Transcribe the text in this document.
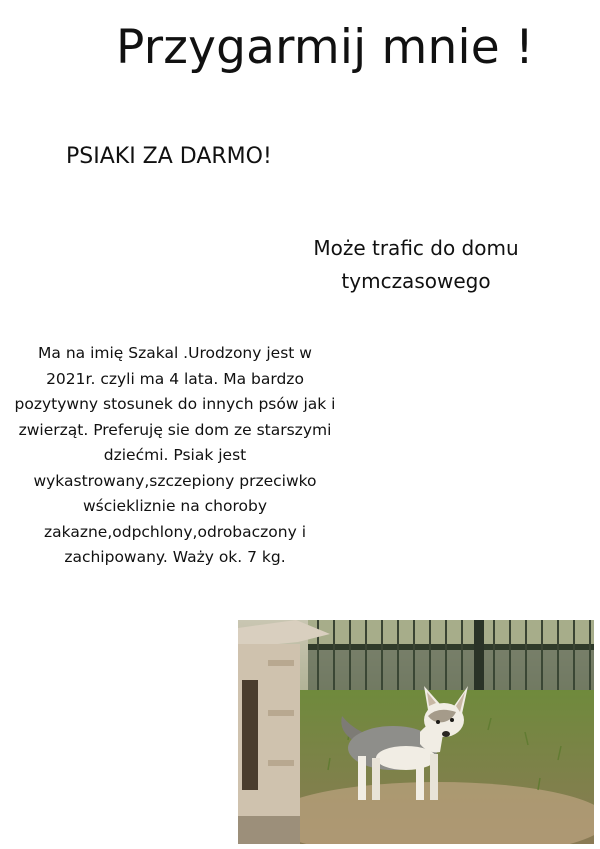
Przygarmij mnie !
PSIAKI ZA DARMO!
Może trafic do domu tymczasowego
Ma na imię Szakal .Urodzony jest w 2021r. czyli ma 4 lata. Ma bardzo pozytywny stosunek do innych psów jak i zwierząt. Preferuję sie dom ze starszymi dziećmi. Psiak jest wykastrowany,szczepiony przeciwko wściekliznie na choroby zakazne,odpchlony,odrobaczony i zachipowany. Waży ok. 7 kg.
